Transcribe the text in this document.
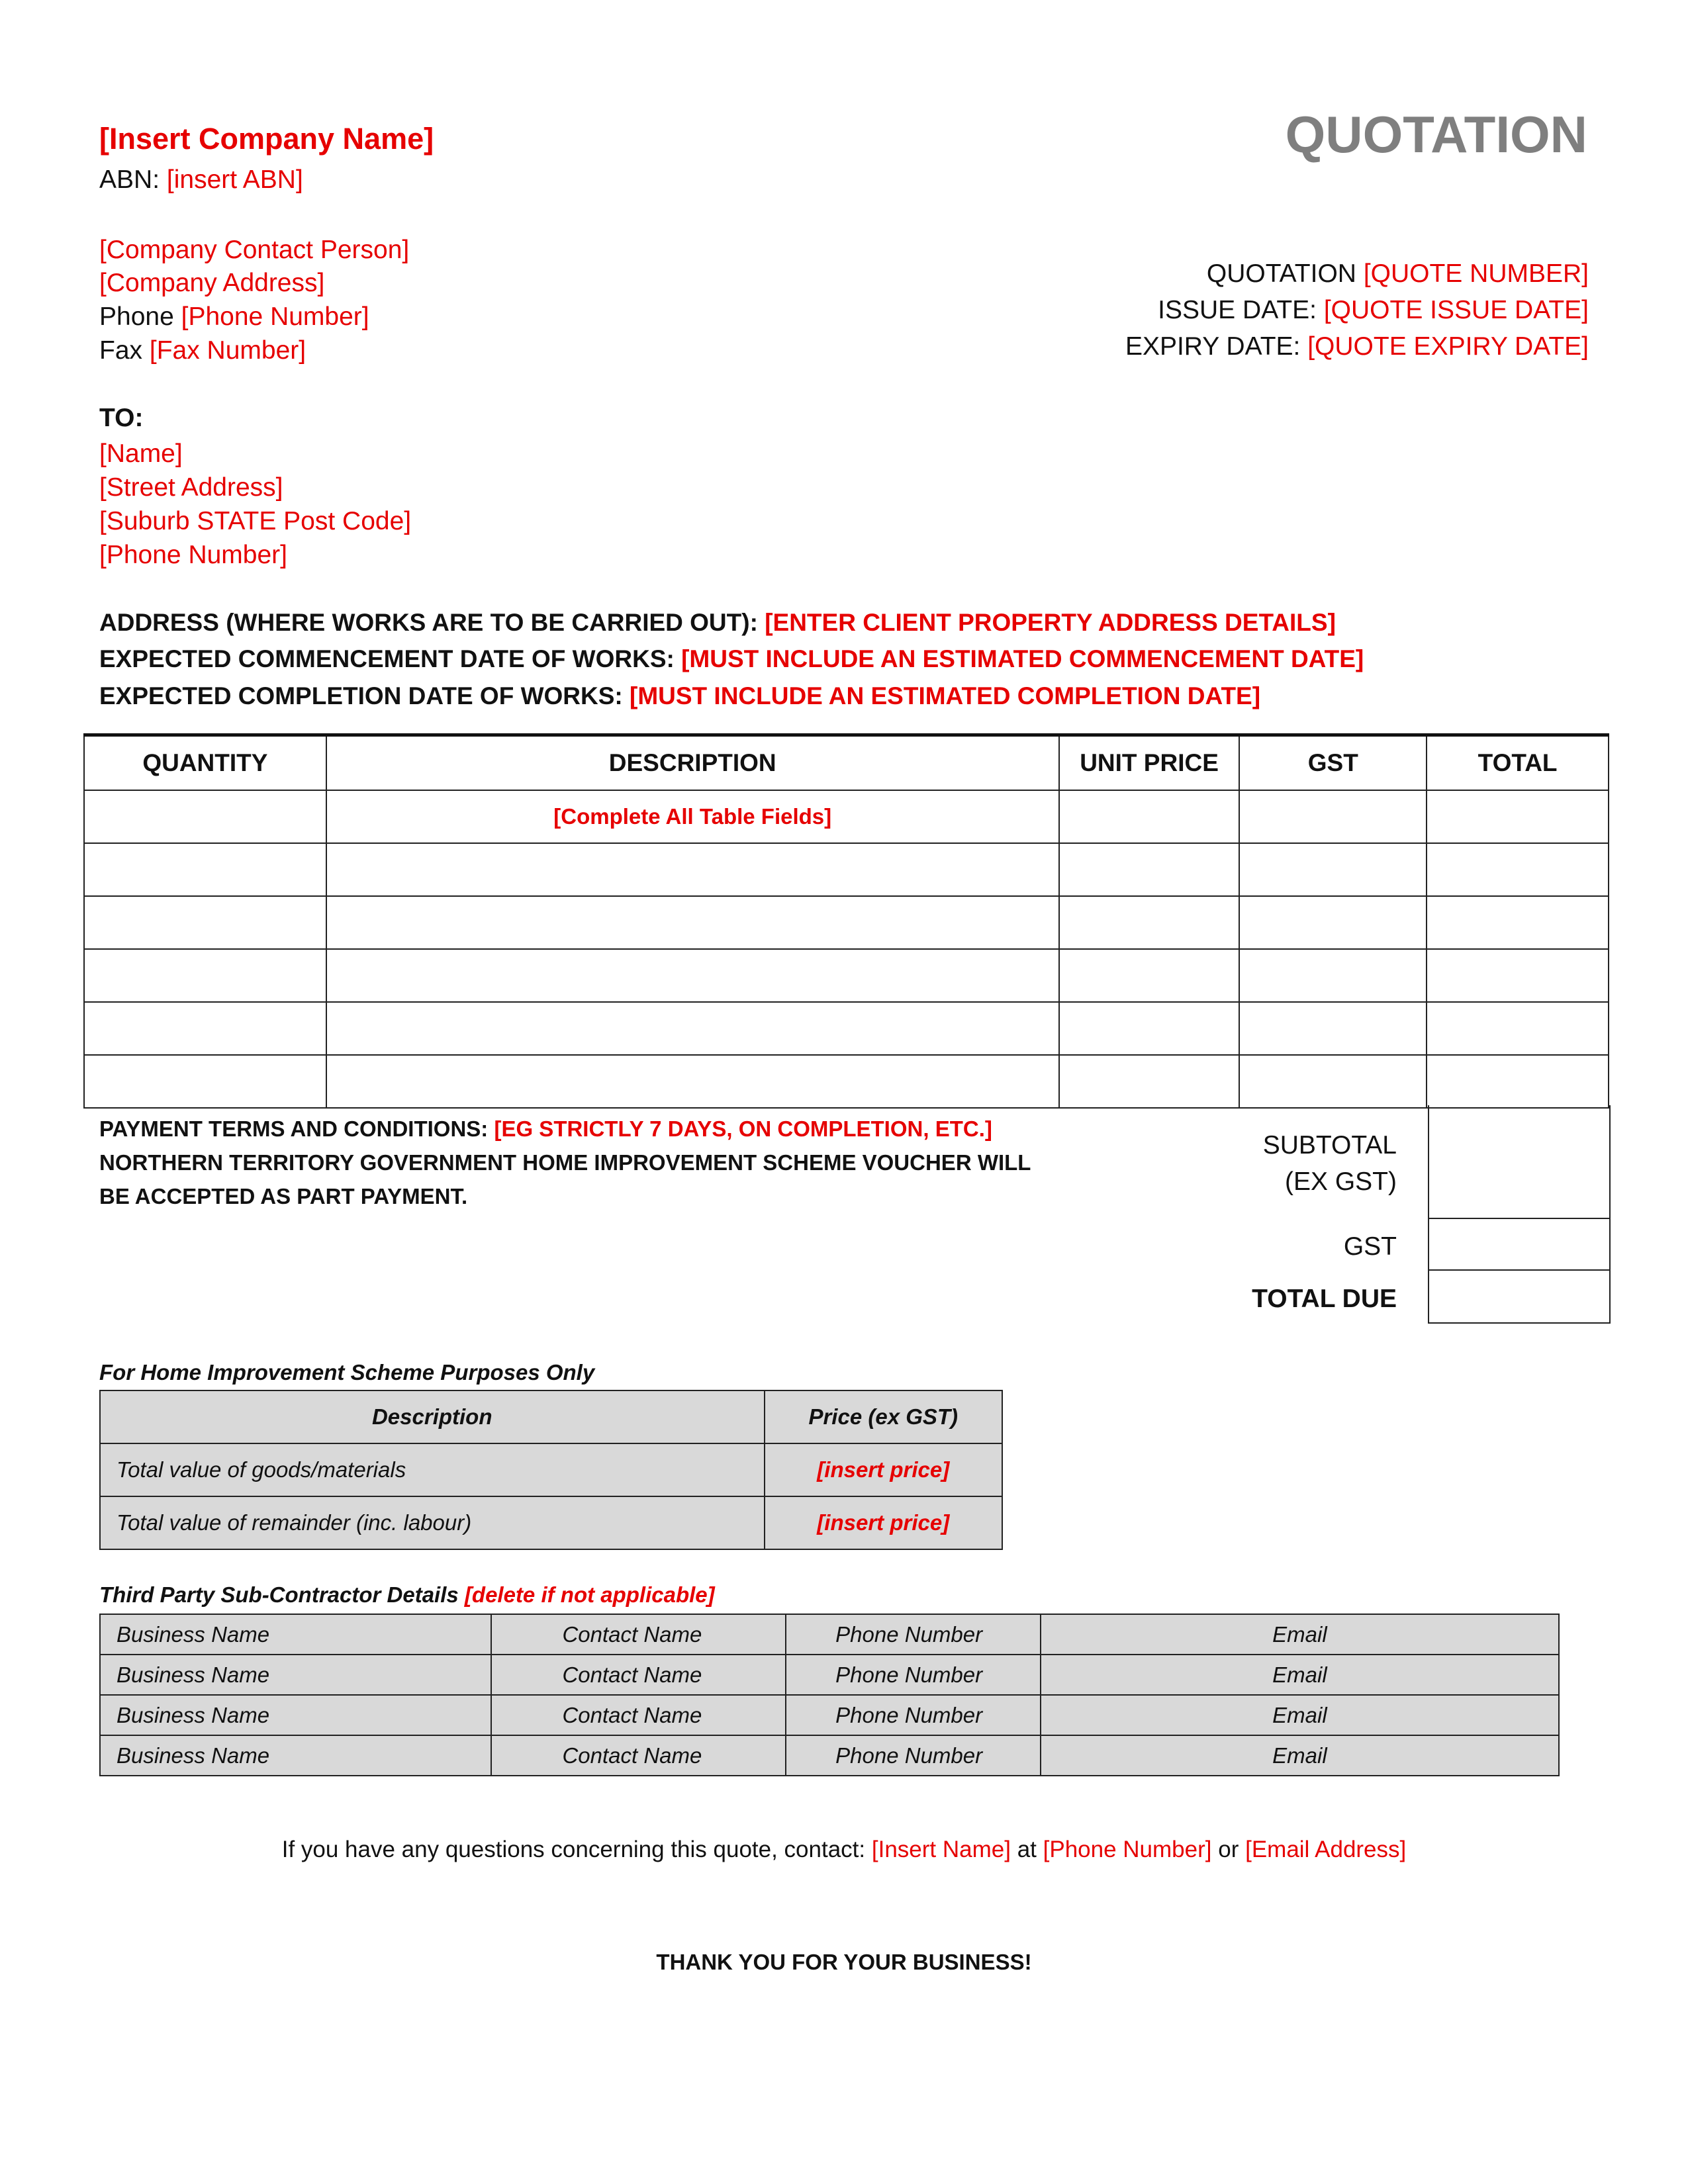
[Insert Company Name]
ABN: [insert ABN]
QUOTATION
[Company Contact Person]
[Company Address]
Phone [Phone Number]
Fax [Fax Number]
QUOTATION [QUOTE NUMBER]
ISSUE DATE: [QUOTE ISSUE DATE]
EXPIRY DATE: [QUOTE EXPIRY DATE]
TO:
[Name]
[Street Address]
[Suburb STATE Post Code]
[Phone Number]
ADDRESS (WHERE WORKS ARE TO BE CARRIED OUT): [ENTER CLIENT PROPERTY ADDRESS DETAILS]
EXPECTED COMMENCEMENT DATE OF WORKS: [MUST INCLUDE AN ESTIMATED COMMENCEMENT DATE]
EXPECTED COMPLETION DATE OF WORKS: [MUST INCLUDE AN ESTIMATED COMPLETION DATE]
QUANTITY	DESCRIPTION	UNIT PRICE	GST	TOTAL
	[Complete All Table Fields]			

PAYMENT TERMS AND CONDITIONS: [EG STRICTLY 7 DAYS, ON COMPLETION, ETC.]
NORTHERN TERRITORY GOVERNMENT HOME IMPROVEMENT SCHEME VOUCHER WILL
BE ACCEPTED AS PART PAYMENT.
SUBTOTAL
(EX GST)
GST
TOTAL DUE
For Home Improvement Scheme Purposes Only
Description	Price (ex GST)
Total value of goods/materials	[insert price]
Total value of remainder (inc. labour)	[insert price]
Third Party Sub-Contractor Details [delete if not applicable]
Business Name	Contact Name	Phone Number	Email
Business Name	Contact Name	Phone Number	Email
Business Name	Contact Name	Phone Number	Email
Business Name	Contact Name	Phone Number	Email
If you have any questions concerning this quote, contact: [Insert Name] at [Phone Number] or [Email Address]
THANK YOU FOR YOUR BUSINESS!
